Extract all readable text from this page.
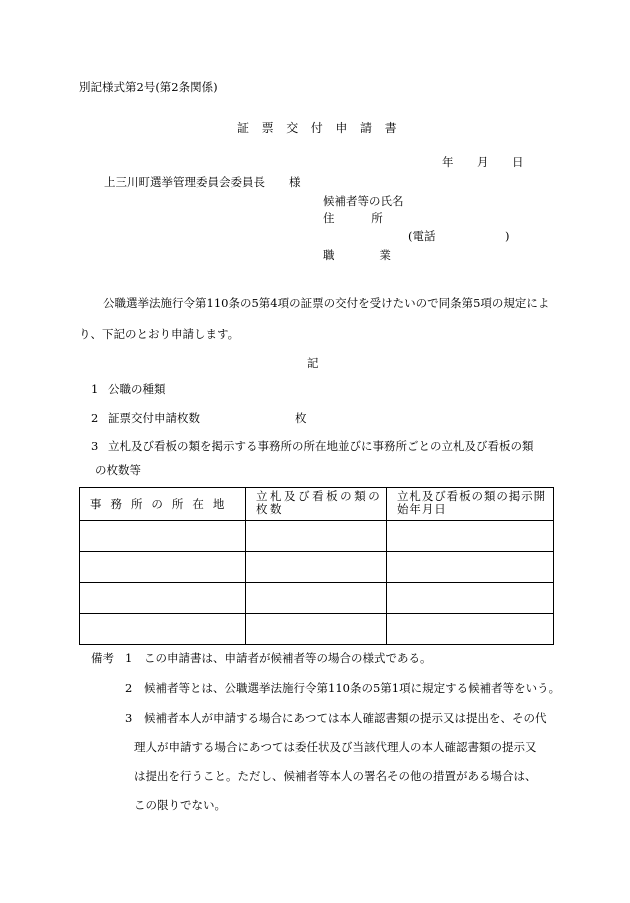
別記様式第2号(第2条関係)
証票交付申請書
年 月 日
上三川町選挙管理委員会委員長 様
候補者等の氏名
住所
(電話	)
職業
公職選挙法施行令第110条の5第4項の証票の交付を受けたいので同条第5項の規定によ
り、下記のとおり申請します。
記
1 公職の種類
2 証票交付申請枚数	枚
3 立札及び看板の類を掲示する事務所の所在地並びに事務所ごとの立札及び看板の類
の枚数等
事務所の所在地	立札及び看板の類の枚数	立札及び看板の類の掲示開始年月日

備考 1 この申請書は、申請者が候補者等の場合の様式である。
2 候補者等とは、公職選挙法施行令第110条の5第1項に規定する候補者等をいう。
3 候補者本人が申請する場合にあつては本人確認書類の提示又は提出を、その代
理人が申請する場合にあつては委任状及び当該代理人の本人確認書類の提示又
は提出を行うこと。ただし、候補者等本人の署名その他の措置がある場合は、
この限りでない。
